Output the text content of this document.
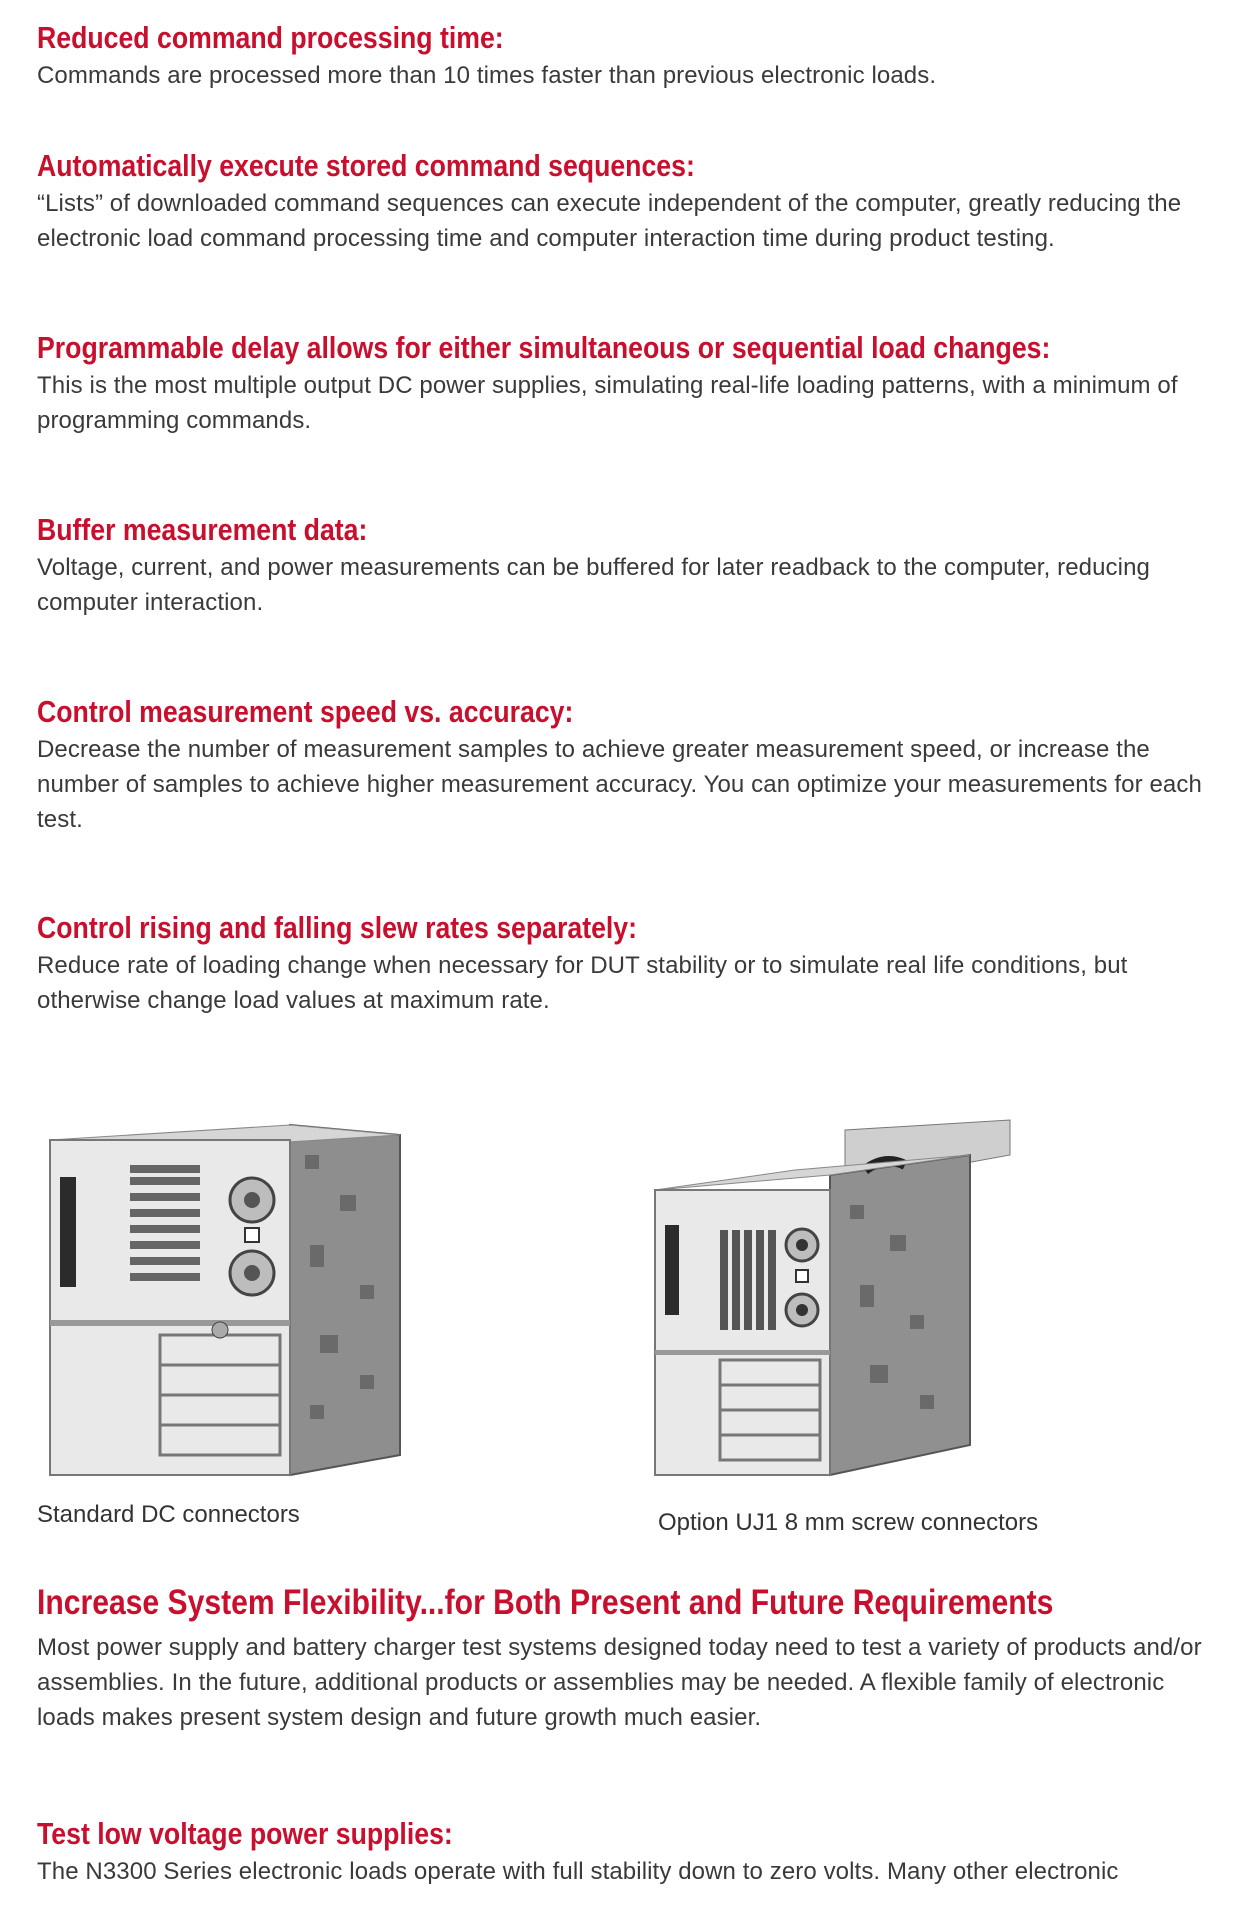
Reduced command processing time:

Commands are processed more than 10 times faster than previous electronic loads.

Automatically execute stored command sequences:

“Lists” of downloaded command sequences can execute independent of the computer, greatly reducing the electronic load command processing time and computer interaction time during product testing.

Programmable delay allows for either simultaneous or sequential load changes:

This is the most multiple output DC power supplies, simulating real-life loading patterns, with a minimum of programming commands.

Buffer measurement data:

Voltage, current, and power measurements can be buffered for later readback to the computer, reducing computer interaction.

Control measurement speed vs. accuracy:

Decrease the number of measurement samples to achieve greater measurement speed, or increase the number of samples to achieve higher measurement accuracy. You can optimize your measurements for each test.

Control rising and falling slew rates separately:

Reduce rate of loading change when necessary for DUT stability or to simulate real life conditions, but otherwise change load values at maximum rate.

Standard DC connectors	Option UJ1 8 mm screw connectors
Increase System Flexibility...for Both Present and Future Requirements

Most power supply and battery charger test systems designed today need to test a variety of products and/or assemblies. In the future, additional products or assemblies may be needed. A flexible family of electronic loads makes present system design and future growth much easier.

Test low voltage power supplies:

The N3300 Series electronic loads operate with full stability down to zero volts. Many other electronic
